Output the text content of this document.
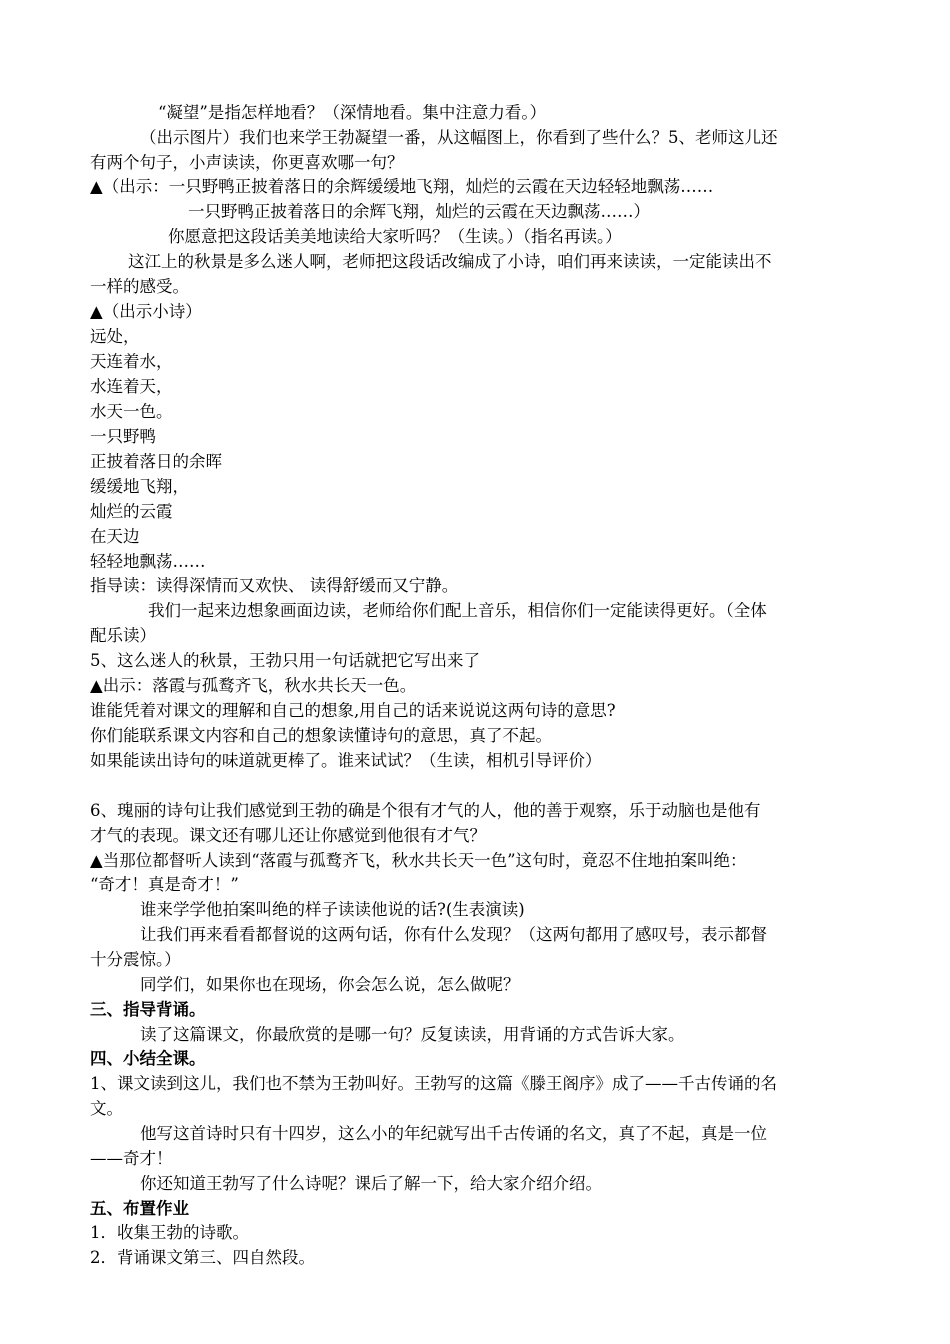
“凝望”是指怎样地看？（深情地看。集中注意力看。）
（出示图片）我们也来学王勃凝望一番，从这幅图上，你看到了些什么？5、老师这儿还
有两个句子，小声读读，你更喜欢哪一句？
▲（出示：一只野鸭正披着落日的余辉缓缓地飞翔，灿烂的云霞在天边轻轻地飘荡……
一只野鸭正披着落日的余辉飞翔，灿烂的云霞在天边飘荡……）
你愿意把这段话美美地读给大家听吗？（生读。）（指名再读。）
这江上的秋景是多么迷人啊，老师把这段话改编成了小诗，咱们再来读读，一定能读出不
一样的感受。
▲（出示小诗）
远处，
天连着水，
水连着天，
水天一色。
一只野鸭
正披着落日的余晖
缓缓地飞翔，
灿烂的云霞
在天边
轻轻地飘荡……
指导读：读得深情而又欢快、 读得舒缓而又宁静。
我们一起来边想象画面边读，老师给你们配上音乐，相信你们一定能读得更好。（全体
配乐读）
5、这么迷人的秋景，王勃只用一句话就把它写出来了
▲出示：落霞与孤鹜齐飞，秋水共长天一色。
谁能凭着对课文的理解和自己的想象,用自己的话来说说这两句诗的意思?
你们能联系课文内容和自己的想象读懂诗句的意思，真了不起。
如果能读出诗句的味道就更棒了。谁来试试？（生读，相机引导评价）
6、瑰丽的诗句让我们感觉到王勃的确是个很有才气的人，他的善于观察，乐于动脑也是他有
才气的表现。课文还有哪儿还让你感觉到他很有才气？
▲当那位都督听人读到“落霞与孤鹜齐飞，秋水共长天一色”这句时，竟忍不住地拍案叫绝：
“奇才！真是奇才！”
谁来学学他拍案叫绝的样子读读他说的话?(生表演读)
让我们再来看看都督说的这两句话，你有什么发现？（这两句都用了感叹号，表示都督
十分震惊。）
同学们，如果你也在现场，你会怎么说，怎么做呢？
三、指导背诵。
读了这篇课文，你最欣赏的是哪一句？反复读读，用背诵的方式告诉大家。
四、小结全课。
1、课文读到这儿，我们也不禁为王勃叫好。王勃写的这篇《滕王阁序》成了——千古传诵的名
文。
他写这首诗时只有十四岁，这么小的年纪就写出千古传诵的名文，真了不起，真是一位
——奇才！
你还知道王勃写了什么诗呢？课后了解一下，给大家介绍介绍。
五、布置作业
1．收集王勃的诗歌。
2．背诵课文第三、四自然段。
